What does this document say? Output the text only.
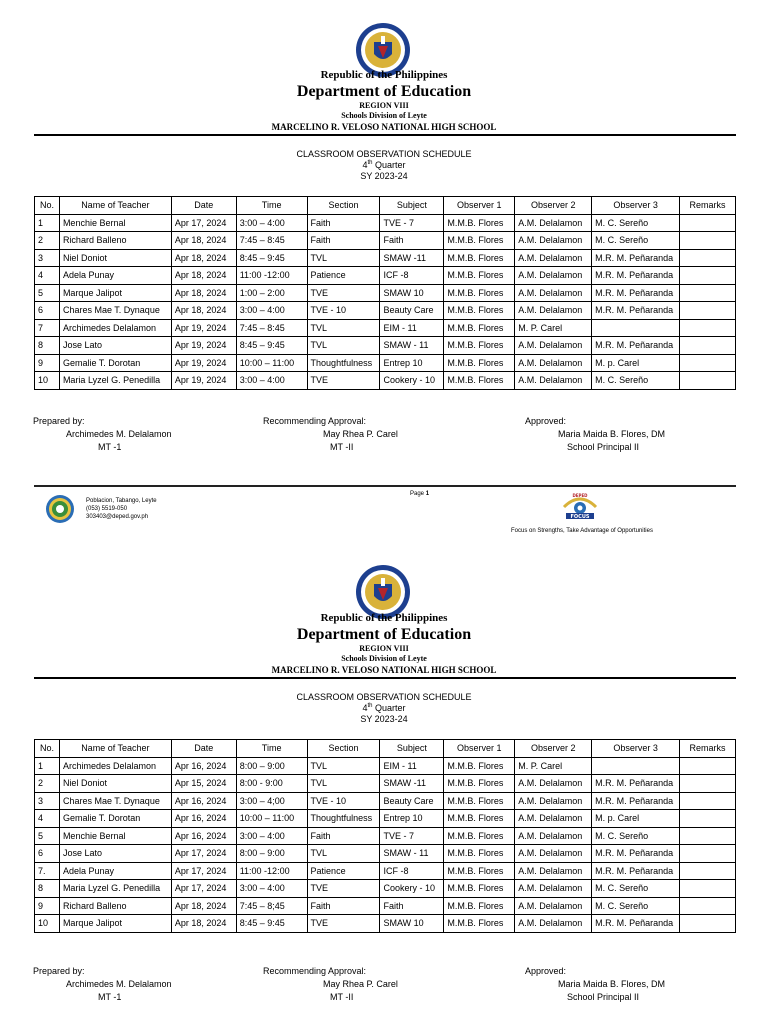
Republic of the Philippines
Department of Education
REGION VIII
Schools Division of Leyte
MARCELINO R. VELOSO NATIONAL HIGH SCHOOL
CLASSROOM OBSERVATION SCHEDULE
4th Quarter
SY 2023-24
No.	Name of Teacher	Date	Time	Section	Subject	Observer 1	Observer 2	Observer 3	Remarks
1	Menchie Bernal	Apr 17, 2024	3:00 – 4:00	Faith	TVE - 7	M.M.B. Flores	A.M. Delalamon	M. C. Sereño	
2	Richard Balleno	Apr 18, 2024	7:45 – 8:45	Faith	Faith	M.M.B. Flores	A.M. Delalamon	M. C. Sereño	
3	Niel Doniot	Apr 18, 2024	8:45 – 9:45	TVL	SMAW -11	M.M.B. Flores	A.M. Delalamon	M.R. M. Peñaranda	
4	Adela Punay	Apr 18, 2024	11:00 -12:00	Patience	ICF -8	M.M.B. Flores	A.M. Delalamon	M.R. M. Peñaranda	
5	Marque Jalipot	Apr 18, 2024	1:00 – 2:00	TVE	SMAW 10	M.M.B. Flores	A.M. Delalamon	M.R. M. Peñaranda	
6	Chares Mae T. Dynaque	Apr 18, 2024	3:00 – 4:00	TVE - 10	Beauty Care	M.M.B. Flores	A.M. Delalamon	M.R. M. Peñaranda	
7	Archimedes Delalamon	Apr 19, 2024	7:45 – 8:45	TVL	EIM - 11	M.M.B. Flores	M. P. Carel		
8	Jose Lato	Apr 19, 2024	8:45 – 9:45	TVL	SMAW - 11	M.M.B. Flores	A.M. Delalamon	M.R. M. Peñaranda	
9	Gemalie T. Dorotan	Apr 19, 2024	10:00 – 11:00	Thoughtfulness	Entrep 10	M.M.B. Flores	A.M. Delalamon	M. p. Carel	
10	Maria Lyzel G. Penedilla	Apr 19, 2024	3:00 – 4:00	TVE	Cookery - 10	M.M.B. Flores	A.M. Delalamon	M. C. Sereño	
Prepared by:
Archimedes M. Delalamon
MT -1
Recommending Approval:
May Rhea P. Carel
MT -II
Approved:
Maria Maida B. Flores, DM
School Principal II
Poblacion, Tabango, Leyte
(053) 5519-050
303403@deped.gov.ph
Page 1
FOCUS
DEPED
Focus on Strengths, Take Advantage of Opportunities
Republic of the Philippines
Department of Education
REGION VIII
Schools Division of Leyte
MARCELINO R. VELOSO NATIONAL HIGH SCHOOL
CLASSROOM OBSERVATION SCHEDULE
4th Quarter
SY 2023-24
No.	Name of Teacher	Date	Time	Section	Subject	Observer 1	Observer 2	Observer 3	Remarks
1	Archimedes Delalamon	Apr 16, 2024	8:00 – 9:00	TVL	EIM - 11	M.M.B. Flores	M. P. Carel		
2	Niel Doniot	Apr 15, 2024	8:00 - 9:00	TVL	SMAW -11	M.M.B. Flores	A.M. Delalamon	M.R. M. Peñaranda	
3	Chares Mae T. Dynaque	Apr 16, 2024	3:00 – 4;00	TVE - 10	Beauty Care	M.M.B. Flores	A.M. Delalamon	M.R. M. Peñaranda	
4	Gemalie T. Dorotan	Apr 16, 2024	10:00 – 11:00	Thoughtfulness	Entrep 10	M.M.B. Flores	A.M. Delalamon	M. p. Carel	
5	Menchie Bernal	Apr 16, 2024	3:00 – 4:00	Faith	TVE - 7	M.M.B. Flores	A.M. Delalamon	M. C. Sereño	
6	Jose Lato	Apr 17, 2024	8:00 – 9:00	TVL	SMAW - 11	M.M.B. Flores	A.M. Delalamon	M.R. M. Peñaranda	
7.	Adela Punay	Apr 17, 2024	11:00 -12:00	Patience	ICF -8	M.M.B. Flores	A.M. Delalamon	M.R. M. Peñaranda	
8	Maria Lyzel G. Penedilla	Apr 17, 2024	3:00 – 4:00	TVE	Cookery - 10	M.M.B. Flores	A.M. Delalamon	M. C. Sereño	
9	Richard Balleno	Apr 18, 2024	7:45 – 8;45	Faith	Faith	M.M.B. Flores	A.M. Delalamon	M. C. Sereño	
10	Marque Jalipot	Apr 18, 2024	8:45 – 9:45	TVE	SMAW 10	M.M.B. Flores	A.M. Delalamon	M.R. M. Peñaranda	
Prepared by:
Archimedes M. Delalamon
MT -1
Recommending Approval:
May Rhea P. Carel
MT -II
Approved:
Maria Maida B. Flores, DM
School Principal II
